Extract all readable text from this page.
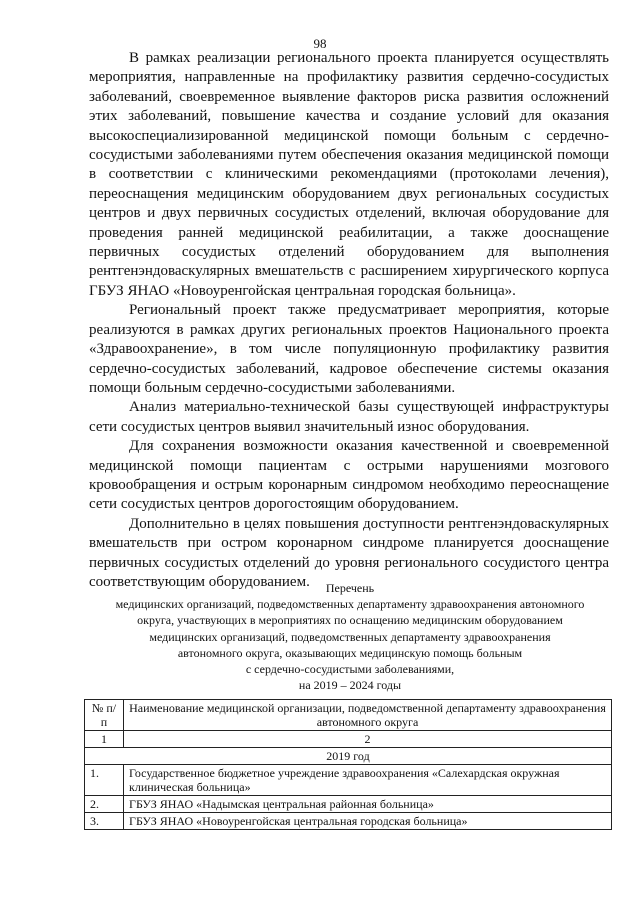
98

В рамках реализации регионального проекта планируется осуществлять мероприятия, направленные на профилактику развития сердечно-сосудистых заболеваний, своевременное выявление факторов риска развития осложнений этих заболеваний, повышение качества и создание условий для оказания высокоспециализированной медицинской помощи больным с сердечно-сосудистыми заболеваниями путем обеспечения оказания медицинской помощи в соответствии с клиническими рекомендациями (протоколами лечения), переоснащения медицинским оборудованием двух региональных сосудистых центров и двух первичных сосудистых отделений, включая оборудование для проведения ранней медицинской реабилитации, а также дооснащение первичных сосудистых отделений оборудованием для выполнения рентгенэндоваскулярных вмешательств с расширением хирургического корпуса ГБУЗ ЯНАО «Новоуренгойская центральная городская больница».

Региональный проект также предусматривает мероприятия, которые реализуются в рамках других региональных проектов Национального проекта «Здравоохранение», в том числе популяционную профилактику развития сердечно-сосудистых заболеваний, кадровое обеспечение системы оказания помощи больным сердечно-сосудистыми заболеваниями.

Анализ материально-технической базы существующей инфраструктуры сети сосудистых центров выявил значительный износ оборудования.

Для сохранения возможности оказания качественной и своевременной медицинской помощи пациентам с острыми нарушениями мозгового кровообращения и острым коронарным синдромом необходимо переоснащение сети сосудистых центров дорогостоящим оборудованием.

Дополнительно в целях повышения доступности рентгенэндоваскулярных вмешательств при остром коронарном синдроме планируется дооснащение первичных сосудистых отделений до уровня регионального сосудистого центра соответствующим оборудованием.	Перечень
медицинских организаций, подведомственных департаменту здравоохранения автономного
округа, участвующих в мероприятиях по оснащению медицинским оборудованием
медицинских организаций, подведомственных департаменту здравоохранения
автономного округа, оказывающих медицинскую помощь больным
с сердечно-сосудистыми заболеваниями,
на 2019 – 2024 годы
№ п/п	Наименование медицинской организации, подведомственной департаменту здравоохранения автономного округа
1	2
2019 год	
1.	Государственное бюджетное учреждение здравоохранения «Салехардская окружная клиническая больница»
2.	ГБУЗ ЯНАО «Надымская центральная районная больница»
3.	ГБУЗ ЯНАО «Новоуренгойская центральная городская больница»
